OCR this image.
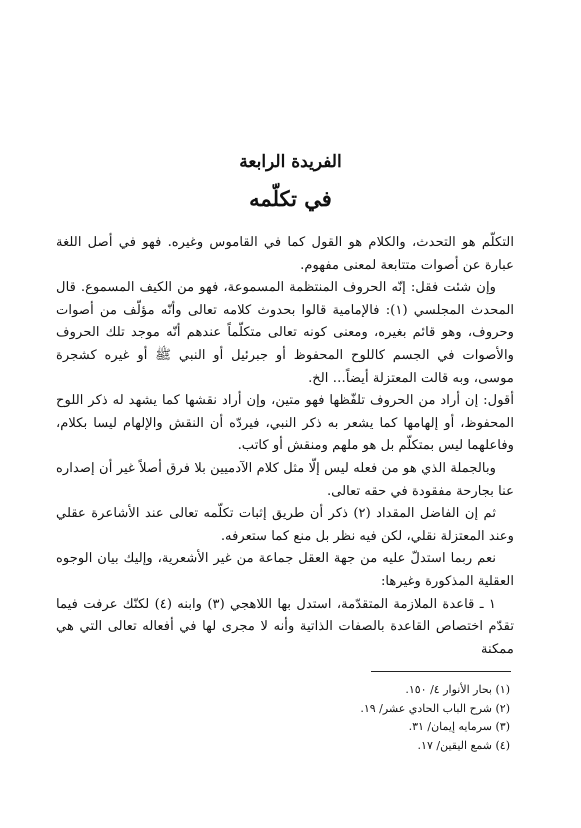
الفريدة الرابعة
في تكلّمه

التكلّم هو التحدث، والكلام هو القول كما في القاموس وغيره. فهو في أصل اللغة عبارة عن أصوات متتابعة لمعنى مفهوم.

وإن شئت فقل: إنّه الحروف المنتظمة المسموعة، فهو من الكيف المسموع. قال المحدث المجلسي (١): فالإمامية قالوا بحدوث كلامه تعالى وأنّه مؤلّف من أصوات وحروف، وهو قائم بغيره، ومعنى كونه تعالى متكلّماً عندهم أنّه موجد تلك الحروف والأصوات في الجسم كاللوح المحفوظ أو جبرئيل أو النبي ﷺ أو غيره كشجرة موسى، وبه قالت المعتزلة أيضاً… الخ.

أقول: إن أراد من الحروف تلفّظها فهو متين، وإن أراد نقشها كما يشهد له ذكر اللوح المحفوظ، أو إلهامها كما يشعر به ذكر النبي، فيردّه أن النقش والإلهام ليسا بكلام، وفاعلهما ليس بمتكلّم بل هو ملهم ومنقش أو كاتب.

وبالجملة الذي هو من فعله ليس إلّا مثل كلام الآدميين بلا فرق أصلاً غير أن إصداره عنا بجارحة مفقودة في حقه تعالى.

ثم إن الفاضل المقداد (٢) ذكر أن طريق إثبات تكلّمه تعالى عند الأشاعرة عقلي وعند المعتزلة نقلي، لكن فيه نظر بل منع كما ستعرفه.

نعم ربما استدلّ عليه من جهة العقل جماعة من غير الأشعرية، وإليك بيان الوجوه العقلية المذكورة وغيرها:

١ ـ قاعدة الملازمة المتقدّمة، استدل بها اللاهجي (٣) وابنه (٤) لكنّك عرفت فيما تقدّم اختصاص القاعدة بالصفات الذاتية وأنه لا مجرى لها في أفعاله تعالى التي هي ممكنة

(١) بحار الأنوار ٤/ ١٥٠.
(٢) شرح الباب الحادي عشر/ ١٩.
(٣) سرمايه إيمان/ ٣١.
(٤) شمع اليقين/ ١٧.
